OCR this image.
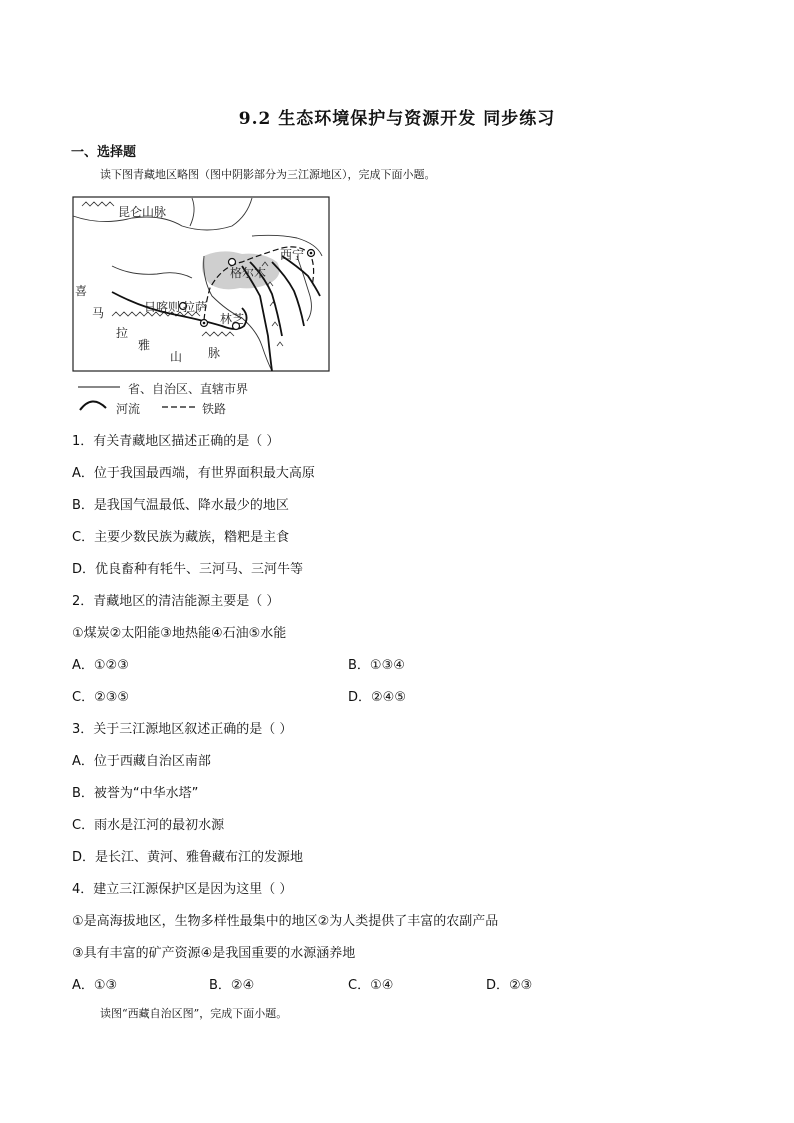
9.2 生态环境保护与资源开发 同步练习
一、选择题
读下图青藏地区略图（图中阴影部分为三江源地区），完成下面小题。
昆仑山脉
西宁
格尔木
日喀则 拉萨
林芝
喜
马
拉
雅
山 脉
省、自治区、直辖市界
河流	铁路
1．有关青藏地区描述正确的是（ ）
A．位于我国最西端，有世界面积最大高原
B．是我国气温最低、降水最少的地区
C．主要少数民族为藏族，糌粑是主食
D．优良畜种有牦牛、三河马、三河牛等
2．青藏地区的清洁能源主要是（ ）
①煤炭②太阳能③地热能④石油⑤水能
A．①②③	B．①③④
C．②③⑤	D．②④⑤
3．关于三江源地区叙述正确的是（ ）
A．位于西藏自治区南部
B．被誉为“中华水塔”
C．雨水是江河的最初水源
D．是长江、黄河、雅鲁藏布江的发源地
4．建立三江源保护区是因为这里（ ）
①是高海拔地区，生物多样性最集中的地区②为人类提供了丰富的农副产品
③具有丰富的矿产资源④是我国重要的水源涵养地
A．①③	B．②④	C．①④	D．②③
读图“西藏自治区图”，完成下面小题。
